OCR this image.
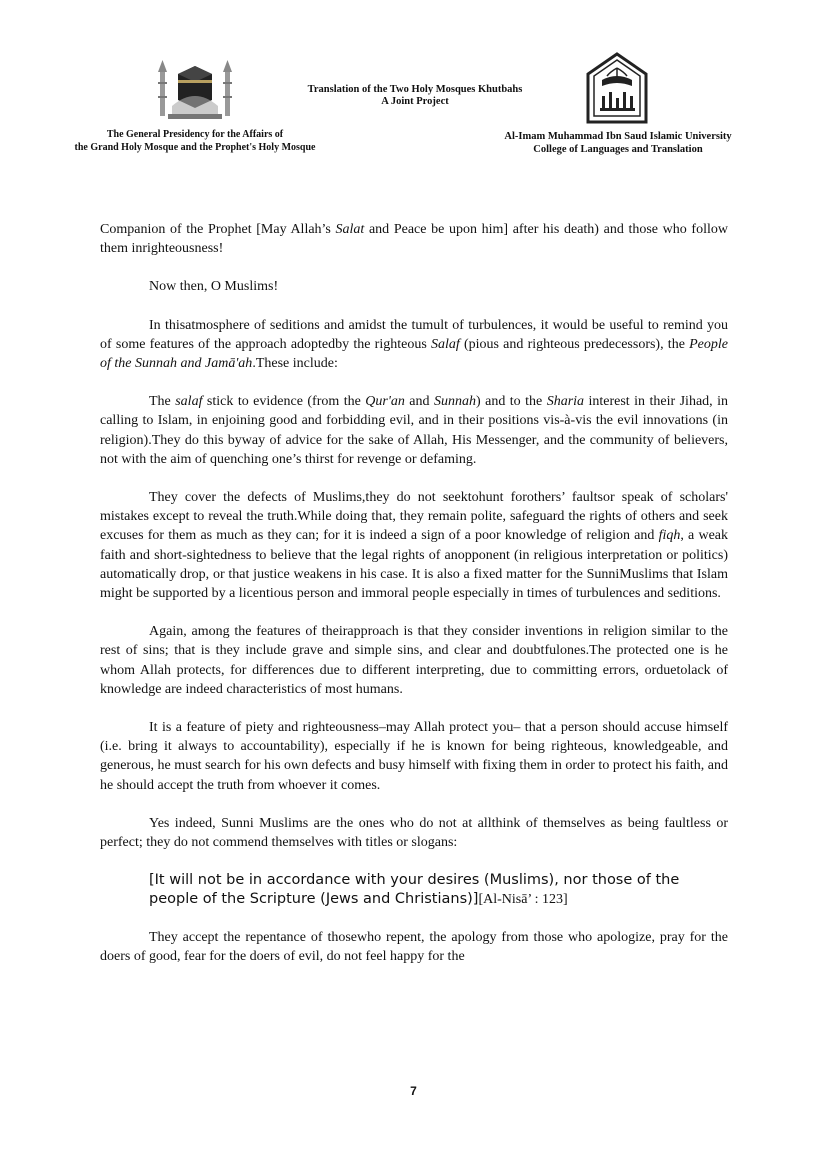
Translation of the Two Holy Mosques Khutbahs
A Joint Project
The General Presidency for the Affairs of
the Grand Holy Mosque and the Prophet's Holy Mosque
Al-Imam Muhammad Ibn Saud Islamic University
College of Languages and Translation

Companion of the Prophet [May Allah’s Salat and Peace be upon him] after his death) and those who follow them inrighteousness!

Now then, O Muslims!

In thisatmosphere of seditions and amidst the tumult of turbulences, it would be useful to remind you of some features of the approach adoptedby the righteous Salaf (pious and righteous predecessors), the People of the Sunnah and Jamā'ah.These include:

The salaf stick to evidence (from the Qur'an and Sunnah) and to the Sharia interest in their Jihad, in calling to Islam, in enjoining good and forbidding evil, and in their positions vis-à-vis the evil innovations (in religion).They do this byway of advice for the sake of Allah, His Messenger, and the community of believers, not with the aim of quenching one’s thirst for revenge or defaming.

They cover the defects of Muslims,they do not seektohunt forothers’ faultsor speak of scholars' mistakes except to reveal the truth.While doing that, they remain polite, safeguard the rights of others and seek excuses for them as much as they can; for it is indeed a sign of a poor knowledge of religion and fiqh, a weak faith and short-sightedness to believe that the legal rights of anopponent (in religious interpretation or politics) automatically drop, or that justice weakens in his case. It is also a fixed matter for the SunniMuslims that Islam might be supported by a licentious person and immoral people especially in times of turbulences and seditions.

Again, among the features of theirapproach is that they consider inventions in religion similar to the rest of sins; that is they include grave and simple sins, and clear and doubtfulones.The protected one is he whom Allah protects, for differences due to different interpreting, due to committing errors, orduetolack of knowledge are indeed characteristics of most humans.

It is a feature of piety and righteousness–may Allah protect you– that a person should accuse himself (i.e. bring it always to accountability), especially if he is known for being righteous, knowledgeable, and generous, he must search for his own defects and busy himself with fixing them in order to protect his faith, and he should accept the truth from whoever it comes.

Yes indeed, Sunni Muslims are the ones who do not at allthink of themselves as being faultless or perfect; they do not commend themselves with titles or slogans:

[It will not be in accordance with your desires (Muslims), nor those of the people of the Scripture (Jews and Christians)][Al-Nisā’ : 123]

They accept the repentance of thosewho repent, the apology from those who apologize, pray for the doers of good, fear for the doers of evil, do not feel happy for the

7
